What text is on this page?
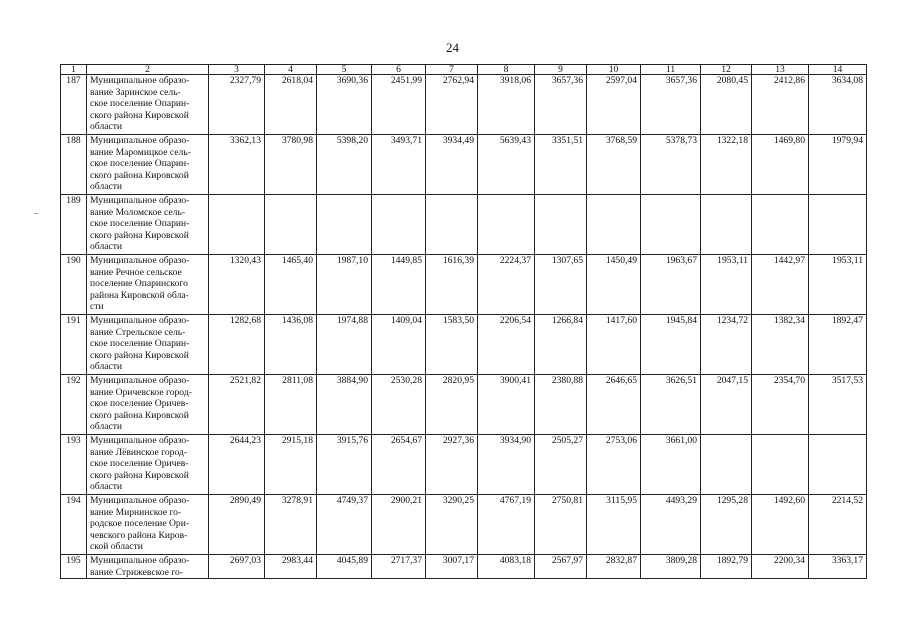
24
1	2	3	4	5	6	7	8	9	10	11	12	13	14
187	Муниципальное образо-
вание Заринское сель-
ское поселение Опарин-
ского района Кировской
области	2327,79	2618,04	3690,36	2451,99	2762,94	3918,06	3657,36	2597,04	3657,36	2080,45	2412,86	3634,08
188	Муниципальное образо-
вание Маромицкое сель-
ское поселение Опарин-
ского района Кировской
области	3362,13	3780,98	5398,20	3493,71	3934,49	5639,43	3351,51	3768,59	5378,73	1322,18	1469,80	1979,94
189	Муниципальное образо-
вание Моломское сель-
ское поселение Опарин-
ского района Кировской
области												

190	Муниципальное образо-
вание Речное сельское
поселение Опаринского
района Кировской обла-
сти	1320,43	1465,40	1987,10	1449,85	1616,39	2224,37	1307,65	1450,49	1963,67	1953,11	1442,97	1953,11
191	Муниципальное образо-
вание Стрельское сель-
ское поселение Опарин-
ского района Кировской
области	1282,68	1436,08	1974,88	1409,04	1583,50	2206,54	1266,84	1417,60	1945,84	1234,72	1382,34	1892,47
192	Муниципальное образо-
вание Оричевское город-
ское поселение Оричев-
ского района Кировской
области	2521,82	2811,08	3884,90	2530,28	2820,95	3900,41	2380,88	2646,65	3626,51	2047,15	2354,70	3517,53
193	Муниципальное образо-
вание Лёвинское город-
ское поселение Оричев-
ского района Кировской
области	2644,23	2915,18	3915,76	2654,67	2927,36	3934,90	2505,27	2753,06	3661,00			
194	Муниципальное образо-
вание Мирнинское го-
родское поселение Ори-
чевского района Киров-
ской области	2890,49	3278,91	4749,37	2900,21	3290,25	4767,19	2750,81	3115,95	4493,29	1295,28	1492,60	2214,52
195	Муниципальное образо-
вание Стрижевское го-	2697,03	2983,44	4045,89	2717,37	3007,17	4083,18	2567,97	2832,87	3809,28	1892,79	2200,34	3363,17
–
